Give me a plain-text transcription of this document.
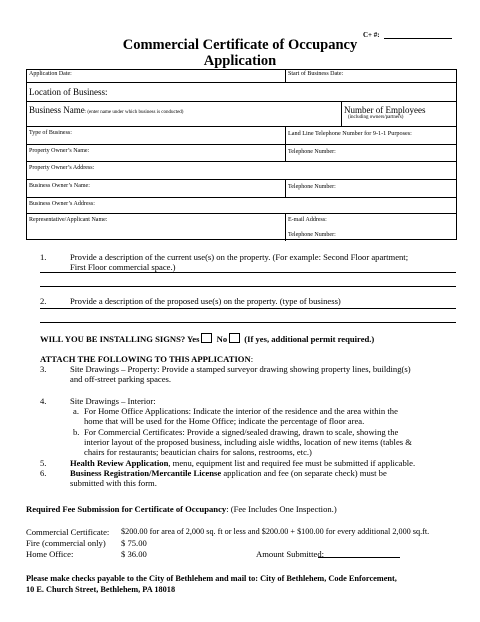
C+ #:
Commercial Certificate of Occupancy
Application
Application Date:	Start of Business Date:
Location of Business:
Business Name: (enter name under which business is conducted)	Number of Employees
(including owners/partners)
Type of Business:	Land Line Telephone Number for 9-1-1 Purposes:
Property Owner’s Name:	Telephone Number:
Property Owner’s Address:
Business Owner’s Name:	Telephone Number:
Business Owner’s Address:
Representative/Applicant Name:	E-mail Address:
Telephone Number:
1.	Provide a description of the current use(s) on the property. (For example: Second Floor apartment;
First Floor commercial space.)
2.	Provide a description of the proposed use(s) on the property. (type of business)
WILL YOU BE INSTALLING SIGNS? Yes No (If yes, additional permit required.)
ATTACH THE FOLLOWING TO THIS APPLICATION:
3.	Site Drawings – Property: Provide a stamped surveyor drawing showing property lines, building(s)
and off-street parking spaces.
4.	Site Drawings – Interior:
a. For Home Office Applications: Indicate the interior of the residence and the area within the
home that will be used for the Home Office; indicate the percentage of floor area.
b. For Commercial Certificates: Provide a signed/sealed drawing, drawn to scale, showing the
interior layout of the proposed business, including aisle widths, location of new items (tables &
chairs for restaurants; beautician chairs for salons, restrooms, etc.)
5.	Health Review Application, menu, equipment list and required fee must be submitted if applicable.
6.	Business Registration/Mercantile License application and fee (on separate check) must be
submitted with this form.
Required Fee Submission for Certificate of Occupancy: (Fee Includes One Inspection.)
Commercial Certificate: $200.00 for area of 2,000 sq. ft or less and $200.00 + $100.00 for every additional 2,000 sq.ft.
Fire (commercial only) $ 75.00
Home Office:	$ 36.00	Amount Submitted:
Please make checks payable to the City of Bethlehem and mail to: City of Bethlehem, Code Enforcement,
10 E. Church Street, Bethlehem, PA 18018
